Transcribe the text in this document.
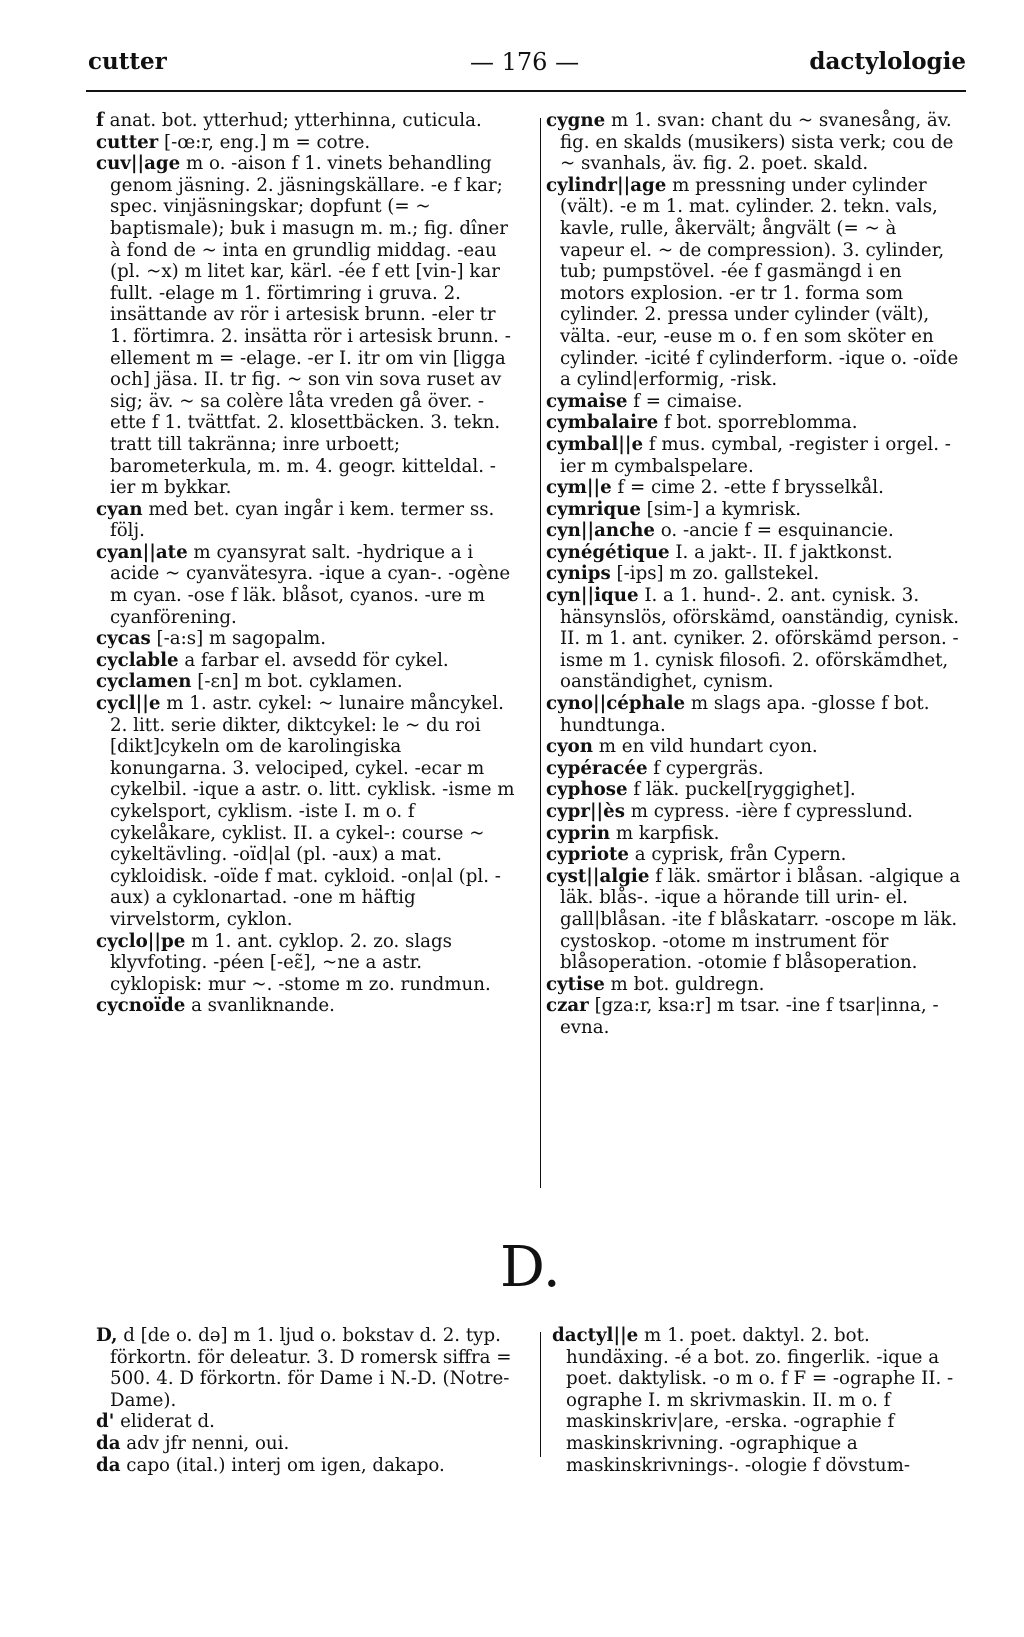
cutter	— 176 —	dactylologie

f anat. bot. ytterhud; ytterhinna, cuticula.

cutter [-œ:r, eng.] m = cotre.

cuv||age m o. -aison f 1. vinets behandling genom jäsning. 2. jäsningskällare. -e f kar; spec. vinjäsningskar; dopfunt (= ~ baptismale); buk i masugn m. m.; fig. dîner à fond de ~ inta en grundlig middag. -eau (pl. ~x) m litet kar, kärl. -ée f ett [vin-] kar fullt. -elage m 1. förtimring i gruva. 2. insättande av rör i artesisk brunn. -eler tr 1. förtimra. 2. insätta rör i artesisk brunn. -ellement m = -elage. -er I. itr om vin [ligga och] jäsa. II. tr fig. ~ son vin sova ruset av sig; äv. ~ sa colère låta vreden gå över. -ette f 1. tvättfat. 2. klosettbäcken. 3. tekn. tratt till takränna; inre urboett; barometerkula, m. m. 4. geogr. kitteldal. -ier m bykkar.

cyan med bet. cyan ingår i kem. termer ss. följ.

cyan||ate m cyansyrat salt. -hydrique a i acide ~ cyanvätesyra. -ique a cyan-. -ogène m cyan. -ose f läk. blåsot, cyanos. -ure m cyanförening.

cycas [-a:s] m sagopalm.

cyclable a farbar el. avsedd för cykel.

cyclamen [-ɛn] m bot. cyklamen.

cycl||e m 1. astr. cykel: ~ lunaire måncykel. 2. litt. serie dikter, diktcykel: le ~ du roi [dikt]cykeln om de karolingiska konungarna. 3. velociped, cykel. -ecar m cykelbil. -ique a astr. o. litt. cyklisk. -isme m cykelsport, cyklism. -iste I. m o. f cykelåkare, cyklist. II. a cykel-: course ~ cykeltävling. -oïd|al (pl. -aux) a mat. cykloidisk. -oïde f mat. cykloid. -on|al (pl. -aux) a cyklonartad. -one m häftig virvelstorm, cyklon.

cyclo||pe m 1. ant. cyklop. 2. zo. slags klyvfoting. -péen [-eɛ̃], ~ne a astr. cyklopisk: mur ~. -stome m zo. rundmun.

cycnoïde a svanliknande.

cygne m 1. svan: chant du ~ svanesång, äv. fig. en skalds (musikers) sista verk; cou de ~ svanhals, äv. fig. 2. poet. skald.

cylindr||age m pressning under cylinder (vält). -e m 1. mat. cylinder. 2. tekn. vals, kavle, rulle, åkervält; ångvält (= ~ à vapeur el. ~ de compression). 3. cylinder, tub; pumpstövel. -ée f gasmängd i en motors explosion. -er tr 1. forma som cylinder. 2. pressa under cylinder (vält), välta. -eur, -euse m o. f en som sköter en cylinder. -icité f cylinderform. -ique o. -oïde a cylind|erformig, -risk.

cymaise f = cimaise.

cymbalaire f bot. sporreblomma.

cymbal||e f mus. cymbal, -register i orgel. -ier m cymbalspelare.

cym||e f = cime 2. -ette f brysselkål.

cymrique [sim-] a kymrisk.

cyn||anche o. -ancie f = esquinancie.

cynégétique I. a jakt-. II. f jaktkonst.

cynips [-ips] m zo. gallstekel.

cyn||ique I. a 1. hund-. 2. ant. cynisk. 3. hänsynslös, oförskämd, oanständig, cynisk. II. m 1. ant. cyniker. 2. oförskämd person. -isme m 1. cynisk filosofi. 2. oförskämdhet, oanständighet, cynism.

cyno||céphale m slags apa. -glosse f bot. hundtunga.

cyon m en vild hundart cyon.

cypéracée f cypergräs.

cyphose f läk. puckel[ryggighet].

cypr||ès m cypress. -ière f cypresslund.

cyprin m karpfisk.

cypriote a cyprisk, från Cypern.

cyst||algie f läk. smärtor i blåsan. -algique a läk. blås-. -ique a hörande till urin- el. gall|blåsan. -ite f blåskatarr. -oscope m läk. cystoskop. -otome m instrument för blåsoperation. -otomie f blåsoperation.

cytise m bot. guldregn.

czar [gza:r, ksa:r] m tsar. -ine f tsar|inna, -evna.

D.

D, d [de o. də] m 1. ljud o. bokstav d. 2. typ. förkortn. för deleatur. 3. D romersk siffra = 500. 4. D förkortn. för Dame i N.-D. (Notre-Dame).

d' eliderat d.

da adv jfr nenni, oui.

da capo (ital.) interj om igen, dakapo.

dactyl||e m 1. poet. daktyl. 2. bot. hundäxing. -é a bot. zo. fingerlik. -ique a poet. daktylisk. -o m o. f F = -ographe II. -ographe I. m skrivmaskin. II. m o. f maskinskriv|are, -erska. -ographie f maskinskrivning. -ographique a maskinskrivnings-. -ologie f dövstum-
